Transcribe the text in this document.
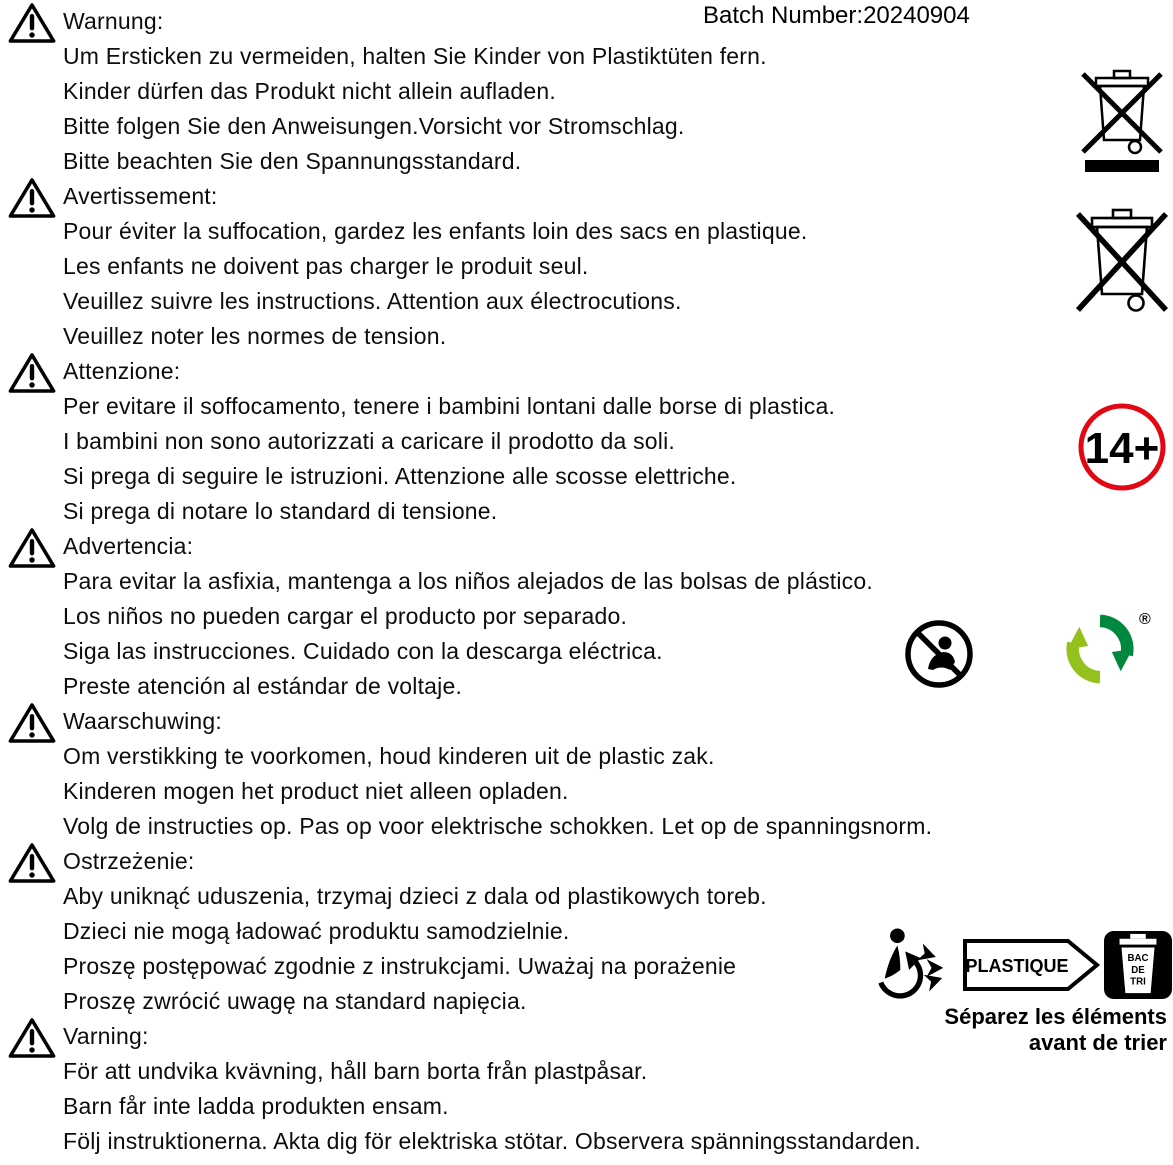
Batch Number:20240904
Warnung:
Um Ersticken zu vermeiden, halten Sie Kinder von Plastiktüten fern.
Kinder dürfen das Produkt nicht allein aufladen.
Bitte folgen Sie den Anweisungen.Vorsicht vor Stromschlag.
Bitte beachten Sie den Spannungsstandard.
Avertissement:
Pour éviter la suffocation, gardez les enfants loin des sacs en plastique.
Les enfants ne doivent pas charger le produit seul.
Veuillez suivre les instructions. Attention aux électrocutions.
Veuillez noter les normes de tension.
Attenzione:
Per evitare il soffocamento, tenere i bambini lontani dalle borse di plastica.
I bambini non sono autorizzati a caricare il prodotto da soli.
Si prega di seguire le istruzioni. Attenzione alle scosse elettriche.
Si prega di notare lo standard di tensione.
Advertencia:
Para evitar la asfixia, mantenga a los niños alejados de las bolsas de plástico.
Los niños no pueden cargar el producto por separado.
Siga las instrucciones. Cuidado con la descarga eléctrica.
Preste atención al estándar de voltaje.
Waarschuwing:
Om verstikking te voorkomen, houd kinderen uit de plastic zak.
Kinderen mogen het product niet alleen opladen.
Volg de instructies op. Pas op voor elektrische schokken. Let op de spanningsnorm.
Ostrzeżenie:
Aby uniknąć uduszenia, trzymaj dzieci z dala od plastikowych toreb.
Dzieci nie mogą ładować produktu samodzielnie.
Proszę postępować zgodnie z instrukcjami. Uważaj na porażenie
Proszę zwrócić uwagę na standard napięcia.
Varning:
För att undvika kvävning, håll barn borta från plastpåsar.
Barn får inte ladda produkten ensam.
Följ instruktionerna. Akta dig för elektriska stötar. Observera spänningsstandarden.
14+
®
PLASTIQUE	BAC
DE
TRI
Séparez les éléments
avant de trier
